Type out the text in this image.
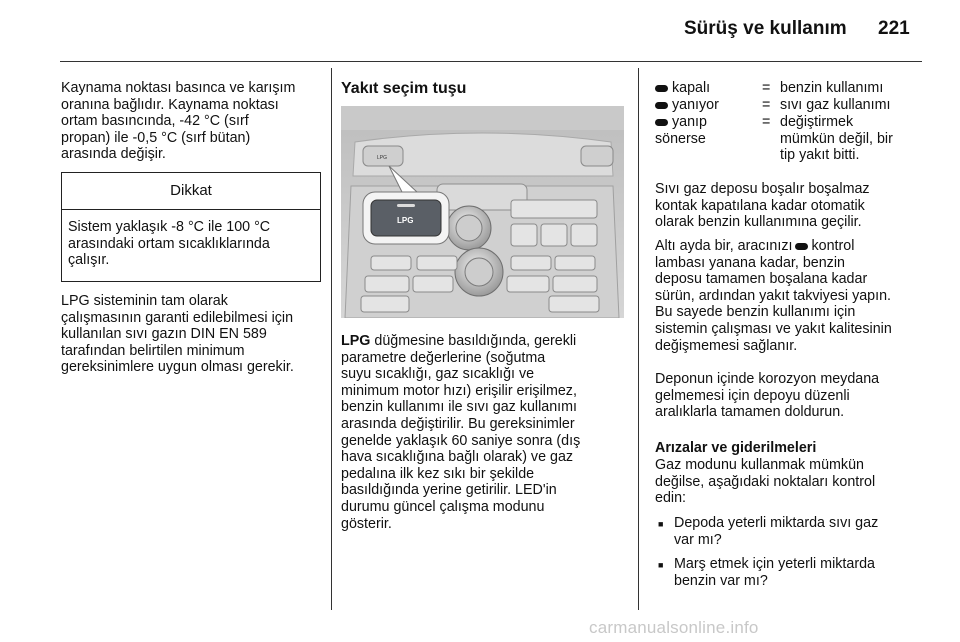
Sürüş ve kullanım 221

Kaynama noktası basınca ve karışım
oranına bağlıdır. Kaynama noktası
ortam basıncında, -42 °C (sırf
propan) ile -0,5 °C (sırf bütan)
arasında değişir.

Dikkat
Sistem yaklaşık -8 °C ile 100 °C
arasındaki ortam sıcaklıklarında
çalışır.

LPG sisteminin tam olarak
çalışmasının garanti edilebilmesi için
kullanılan sıvı gazın DIN EN 589
tarafından belirtilen minimum
gereksinimlere uygun olması gerekir.

Yakıt seçim tuşu
LPG
LPG

LPG düğmesine basıldığında, gerekli
parametre değerlerine (soğutma
suyu sıcaklığı, gaz sıcaklığı ve
minimum motor hızı) erişilir erişilmez,
benzin kullanımı ile sıvı gaz kullanımı
arasında değiştirilir. Bu gereksinimler
genelde yaklaşık 60 saniye sonra (dış
hava sıcaklığına bağlı olarak) ve gaz
pedalına ilk kez sıkı bir şekilde
basıldığında yerine getirilir. LED'in
durumu güncel çalışma modunu
gösterir.

kapalı	= benzin kullanımı
yanıyor	= sıvı gaz kullanımı
yanıp
sönerse
= değiştirmek
mümkün değil, bir
tip yakıt bitti.

Sıvı gaz deposu boşalır boşalmaz
kontak kapatılana kadar otomatik
olarak benzin kullanımına geçilir.

Altı ayda bir, aracınızı kontrol
lambası yanana kadar, benzin
deposu tamamen boşalana kadar
sürün, ardından yakıt takviyesi yapın.
Bu sayede benzin kullanımı için
sistemin çalışması ve yakıt kalitesinin
değişmemesi sağlanır.

Deponun içinde korozyon meydana
gelmemesi için depoyu düzenli
aralıklarla tamamen doldurun.

Arızalar ve giderilmeleri

Gaz modunu kullanmak mümkün
değilse, aşağıdaki noktaları kontrol
edin:

■ Depoda yeterli miktarda sıvı gaz
var mı?

■ Marş etmek için yeterli miktarda
benzin var mı?

carmanualsonline.info
